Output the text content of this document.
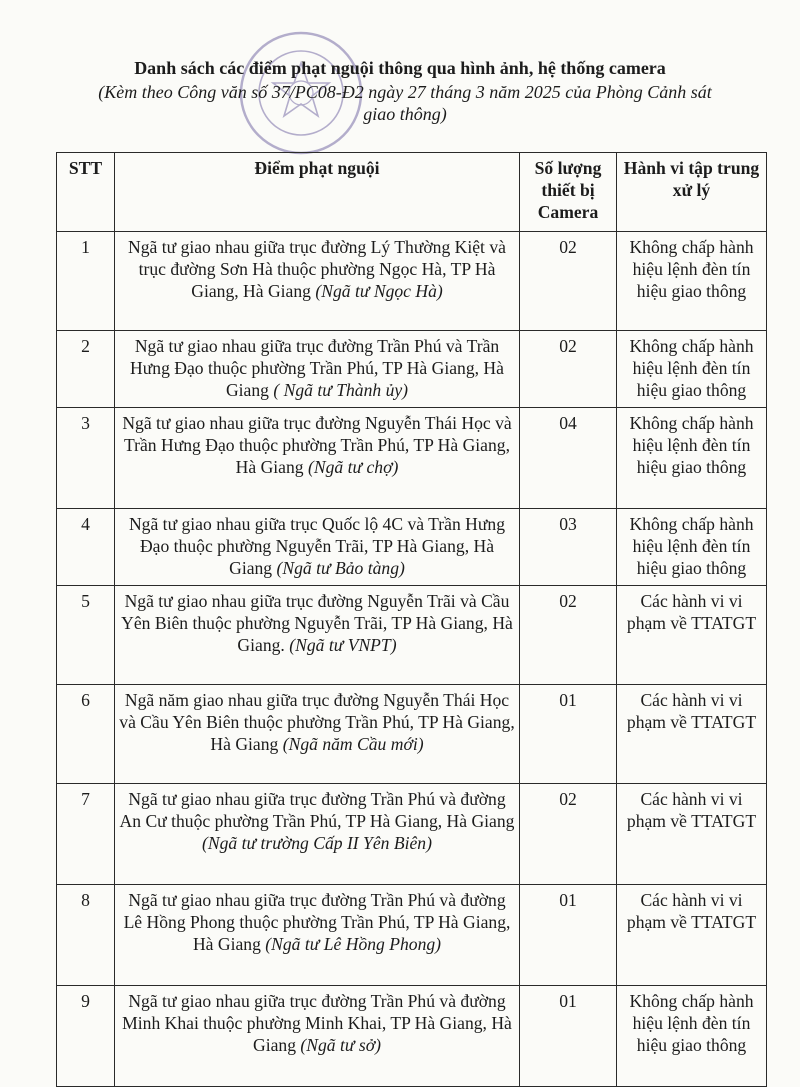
Danh sách các điểm phạt nguội thông qua hình ảnh, hệ thống camera
(Kèm theo Công văn số 37/PC08-Đ2 ngày 27 tháng 3 năm 2025 của Phòng Cảnh sát giao thông)
STT	Điểm phạt nguội	Số lượng thiết bị Camera	Hành vi tập trung xử lý
1	Ngã tư giao nhau giữa trục đường Lý Thường Kiệt và trục đường Sơn Hà thuộc phường Ngọc Hà, TP Hà Giang, Hà Giang (Ngã tư Ngọc Hà)	02	Không chấp hành hiệu lệnh đèn tín hiệu giao thông
2	Ngã tư giao nhau giữa trục đường Trần Phú và Trần Hưng Đạo thuộc phường Trần Phú, TP Hà Giang, Hà Giang ( Ngã tư Thành ủy)	02	Không chấp hành hiệu lệnh đèn tín hiệu giao thông
3	Ngã tư giao nhau giữa trục đường Nguyễn Thái Học và Trần Hưng Đạo thuộc phường Trần Phú, TP Hà Giang, Hà Giang (Ngã tư chợ)	04	Không chấp hành hiệu lệnh đèn tín hiệu giao thông
4	Ngã tư giao nhau giữa trục Quốc lộ 4C và Trần Hưng Đạo thuộc phường Nguyễn Trãi, TP Hà Giang, Hà Giang (Ngã tư Bảo tàng)	03	Không chấp hành hiệu lệnh đèn tín hiệu giao thông
5	Ngã tư giao nhau giữa trục đường Nguyễn Trãi và Cầu Yên Biên thuộc phường Nguyễn Trãi, TP Hà Giang, Hà Giang. (Ngã tư VNPT)	02	Các hành vi vi phạm về TTATGT
6	Ngã năm giao nhau giữa trục đường Nguyễn Thái Học và Cầu Yên Biên thuộc phường Trần Phú, TP Hà Giang, Hà Giang (Ngã năm Cầu mới)	01	Các hành vi vi phạm về TTATGT
7	Ngã tư giao nhau giữa trục đường Trần Phú và đường An Cư thuộc phường Trần Phú, TP Hà Giang, Hà Giang (Ngã tư trường Cấp II Yên Biên)	02	Các hành vi vi phạm về TTATGT
8	Ngã tư giao nhau giữa trục đường Trần Phú và đường Lê Hồng Phong thuộc phường Trần Phú, TP Hà Giang, Hà Giang (Ngã tư Lê Hồng Phong)	01	Các hành vi vi phạm về TTATGT
9	Ngã tư giao nhau giữa trục đường Trần Phú và đường Minh Khai thuộc phường Minh Khai, TP Hà Giang, Hà Giang (Ngã tư sở)	01	Không chấp hành hiệu lệnh đèn tín hiệu giao thông
